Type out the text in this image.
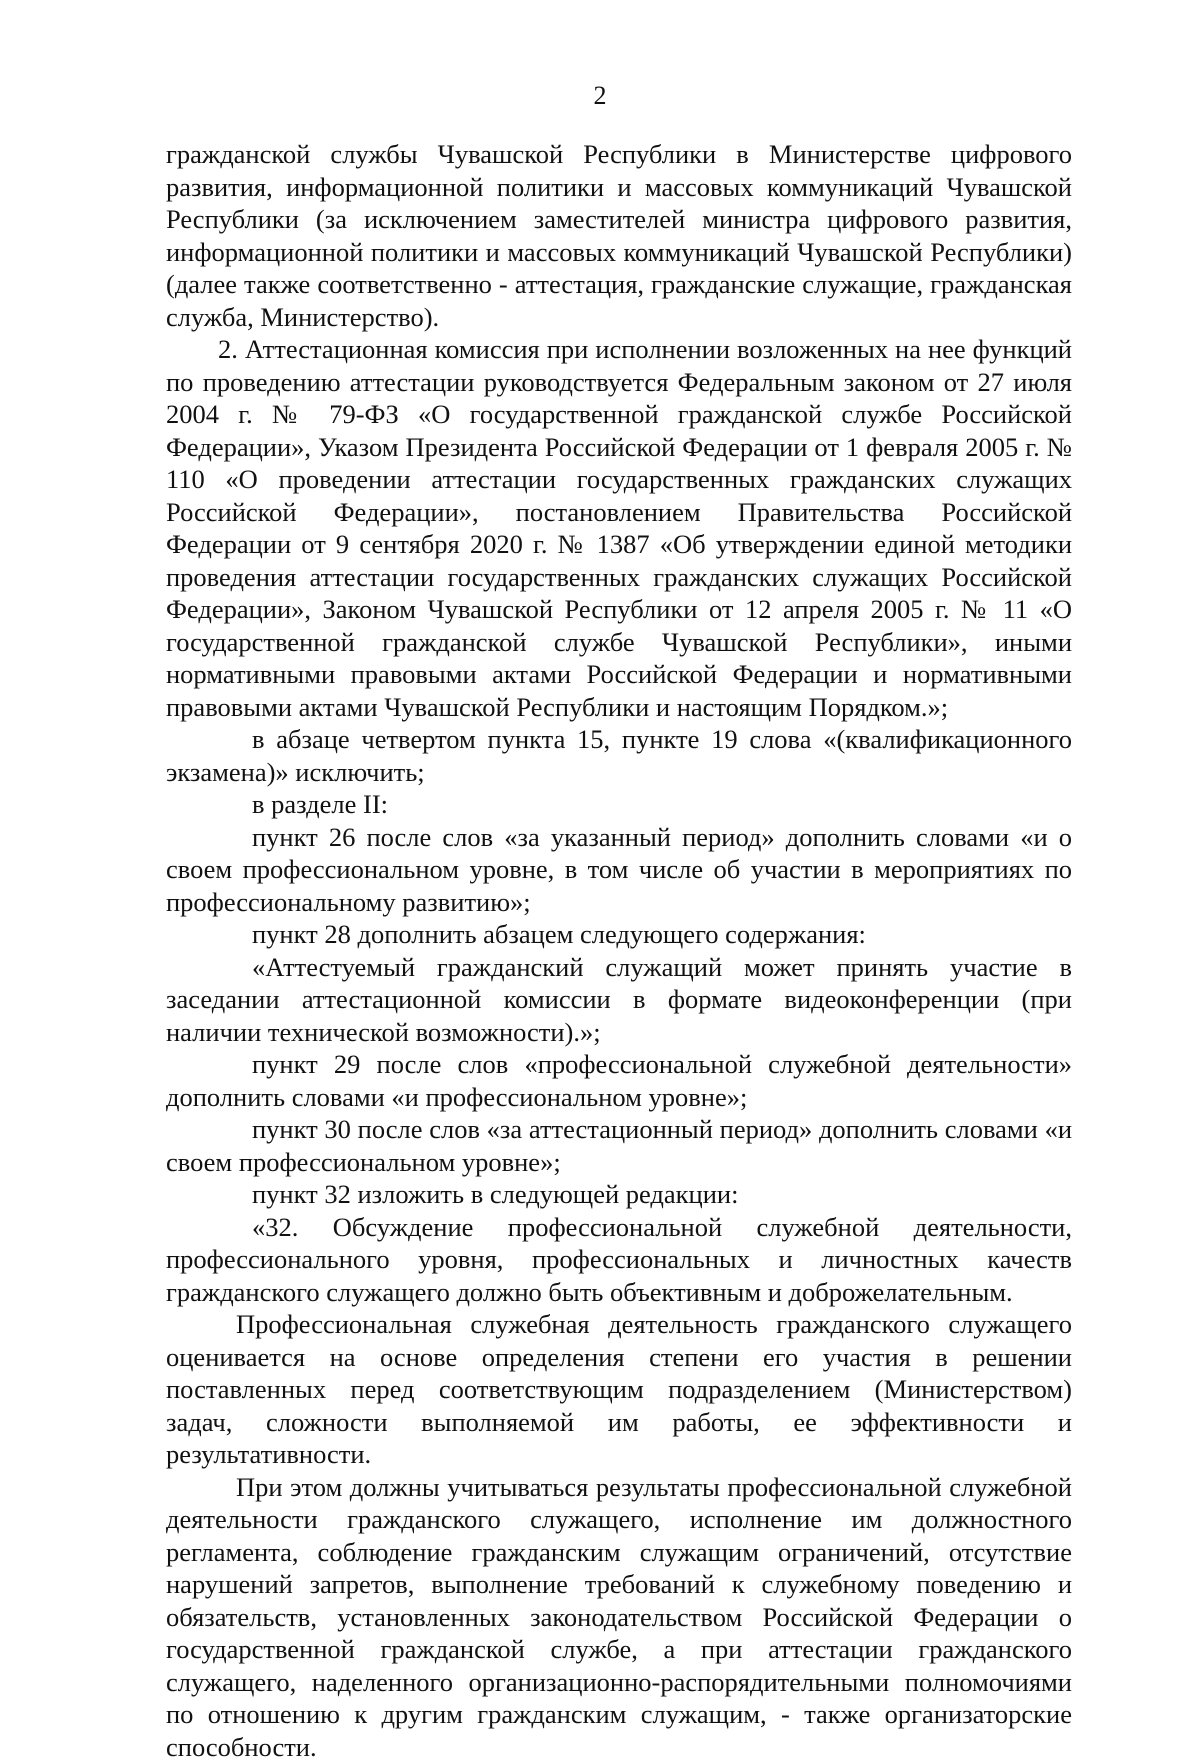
2

гражданской службы Чувашской Республики в Министерстве цифрового развития, информационной политики и массовых коммуникаций Чувашской Республики (за исключением заместителей министра цифрового развития, информационной политики и массовых коммуникаций Чувашской Республики) (далее также соответственно - аттестация, гражданские служащие, гражданская служба, Министерство).

2. Аттестационная комиссия при исполнении возложенных на нее функций по проведению аттестации руководствуется Федеральным законом от 27 июля 2004 г. № 79-ФЗ «О государственной гражданской службе Российской Федерации», Указом Президента Российской Федерации от 1 февраля 2005 г. № 110 «О проведении аттестации государственных гражданских служащих Российской Федерации», постановлением Правительства Российской Федерации от 9 сентября 2020 г. № 1387 «Об утверждении единой методики проведения аттестации государственных гражданских служащих Российской Федерации», Законом Чувашской Республики от 12 апреля 2005 г. № 11 «О государственной гражданской службе Чувашской Республики», иными нормативными правовыми актами Российской Федерации и нормативными правовыми актами Чувашской Республики и настоящим Порядком.»;

в абзаце четвертом пункта 15, пункте 19 слова «(квалификационного экзамена)» исключить;

в разделе II:

пункт 26 после слов «за указанный период» дополнить словами «и о своем профессиональном уровне, в том числе об участии в мероприятиях по профессиональному развитию»;

пункт 28 дополнить абзацем следующего содержания:

«Аттестуемый гражданский служащий может принять участие в заседании аттестационной комиссии в формате видеоконференции (при наличии технической возможности).»;

пункт 29 после слов «профессиональной служебной деятельности» дополнить словами «и профессиональном уровне»;

пункт 30 после слов «за аттестационный период» дополнить словами «и своем профессиональном уровне»;

пункт 32 изложить в следующей редакции:

«32. Обсуждение профессиональной служебной деятельности, профессионального уровня, профессиональных и личностных качеств гражданского служащего должно быть объективным и доброжелательным.

Профессиональная служебная деятельность гражданского служащего оценивается на основе определения степени его участия в решении поставленных перед соответствующим подразделением (Министерством) задач, сложности выполняемой им работы, ее эффективности и результативности.

При этом должны учитываться результаты профессиональной служебной деятельности гражданского служащего, исполнение им должностного регламента, соблюдение гражданским служащим ограничений, отсутствие нарушений запретов, выполнение требований к служебному поведению и обязательств, установленных законодательством Российской Федерации о государственной гражданской службе, а при аттестации гражданского служащего, наделенного организационно-распорядительными полномочиями по отношению к другим гражданским служащим, - также организаторские способности.
